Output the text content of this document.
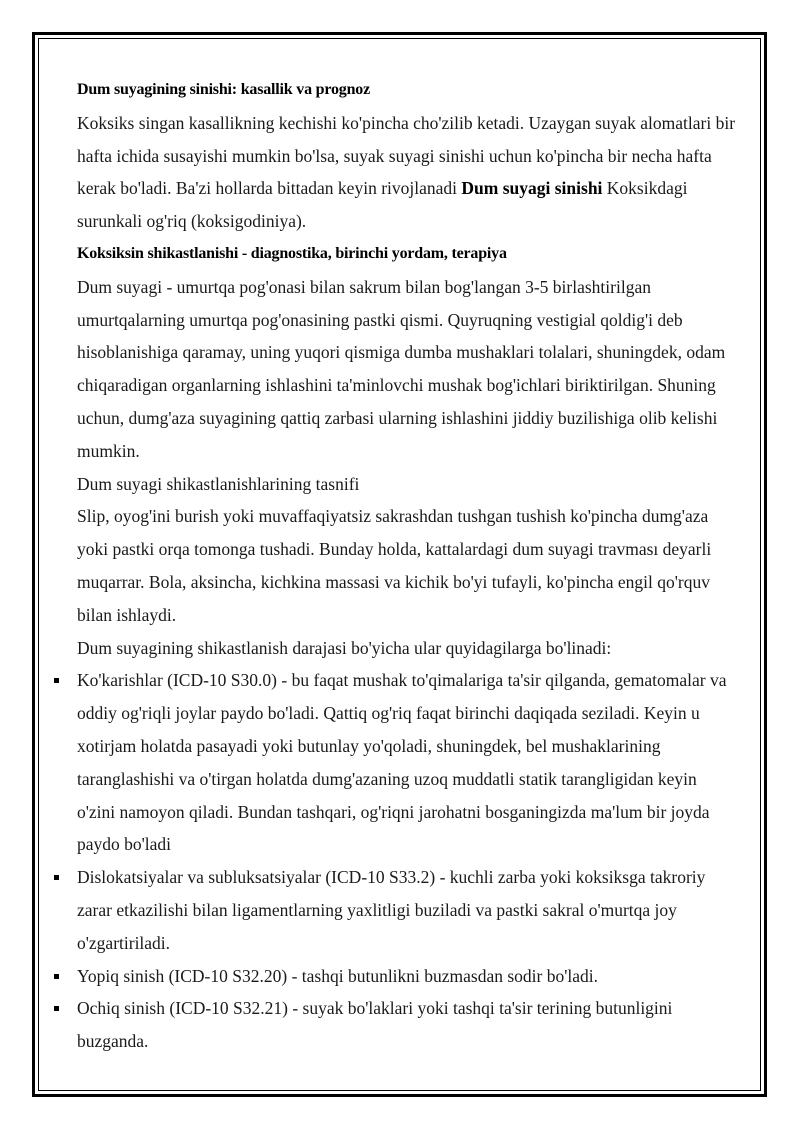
Dum suyagining sinishi: kasallik va prognoz

Koksiks singan kasallikning kechishi ko'pincha cho'zilib ketadi. Uzaygan suyak alomatlari bir hafta ichida susayishi mumkin bo'lsa, suyak suyagi sinishi uchun ko'pincha bir necha hafta kerak bo'ladi. Ba'zi hollarda bittadan keyin rivojlanadi Dum suyagi sinishi Koksikdagi surunkali og'riq (koksigodiniya).

Koksiksin shikastlanishi - diagnostika, birinchi yordam, terapiya

Dum suyagi - umurtqa pog'onasi bilan sakrum bilan bog'langan 3-5 birlashtirilgan umurtqalarning umurtqa pog'onasining pastki qismi. Quyruqning vestigial qoldig'i deb hisoblanishiga qaramay, uning yuqori qismiga dumba mushaklari tolalari, shuningdek, odam chiqaradigan organlarning ishlashini ta'minlovchi mushak bog'ichlari biriktirilgan. Shuning uchun, dumg'aza suyagining qattiq zarbasi ularning ishlashini jiddiy buzilishiga olib kelishi mumkin.

Dum suyagi shikastlanishlarining tasnifi

Slip, oyog'ini burish yoki muvaffaqiyatsiz sakrashdan tushgan tushish ko'pincha dumg'aza yoki pastki orqa tomonga tushadi. Bunday holda, kattalardagi dum suyagi travması deyarli muqarrar. Bola, aksincha, kichkina massasi va kichik bo'yi tufayli, ko'pincha engil qo'rquv bilan ishlaydi.

Dum suyagining shikastlanish darajasi bo'yicha ular quyidagilarga bo'linadi:

Ko'karishlar (ICD-10 S30.0) - bu faqat mushak to'qimalariga ta'sir qilganda, gematomalar va oddiy og'riqli joylar paydo bo'ladi. Qattiq og'riq faqat birinchi daqiqada seziladi. Keyin u xotirjam holatda pasayadi yoki butunlay yo'qoladi, shuningdek, bel mushaklarining taranglashishi va o'tirgan holatda dumg'azaning uzoq muddatli statik tarangligidan keyin o'zini namoyon qiladi. Bundan tashqari, og'riqni jarohatni bosganingizda ma'lum bir joyda paydo bo'ladi
Dislokatsiyalar va subluksatsiyalar (ICD-10 S33.2) - kuchli zarba yoki koksiksga takroriy zarar etkazilishi bilan ligamentlarning yaxlitligi buziladi va pastki sakral o'murtqa joy o'zgartiriladi.
Yopiq sinish (ICD-10 S32.20) - tashqi butunlikni buzmasdan sodir bo'ladi.
Ochiq sinish (ICD-10 S32.21) - suyak bo'laklari yoki tashqi ta'sir terining butunligini buzganda.
